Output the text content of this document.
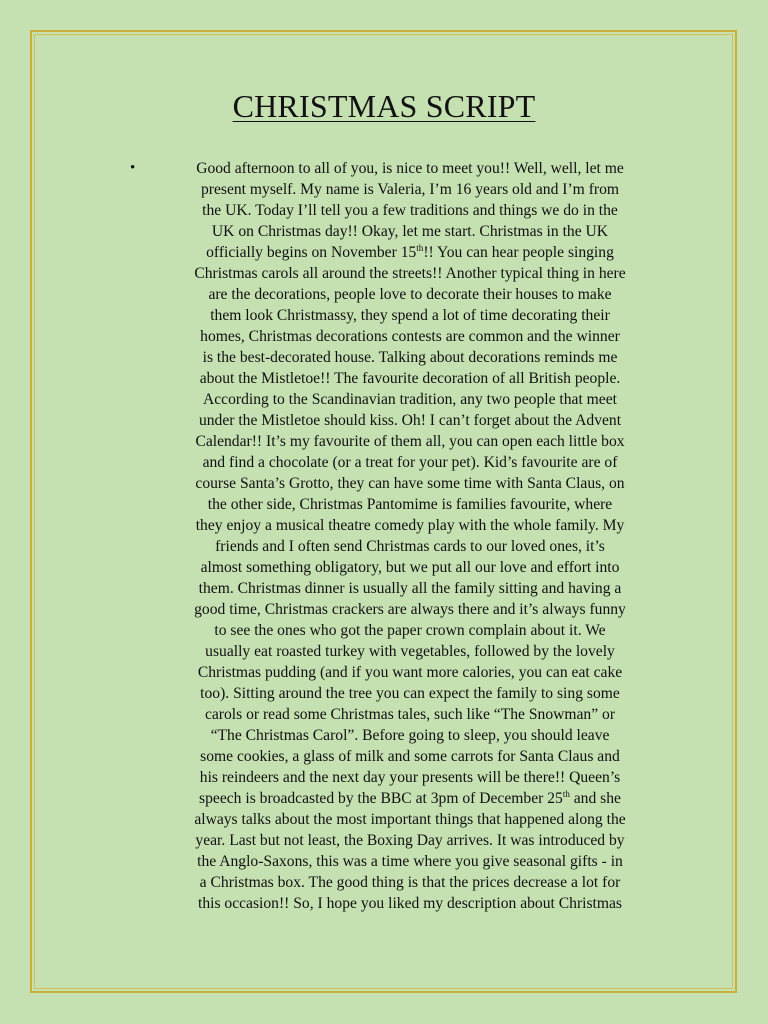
CHRISTMAS SCRIPT
•	Good afternoon to all of you, is nice to meet you!! Well, well, let me
present myself. My name is Valeria, I’m 16 years old and I’m from
the UK. Today I’ll tell you a few traditions and things we do in the
UK on Christmas day!! Okay, let me start. Christmas in the UK
officially begins on November 15th!! You can hear people singing
Christmas carols all around the streets!! Another typical thing in here
are the decorations, people love to decorate their houses to make
them look Christmassy, they spend a lot of time decorating their
homes, Christmas decorations contests are common and the winner
is the best-decorated house. Talking about decorations reminds me
about the Mistletoe!! The favourite decoration of all British people.
According to the Scandinavian tradition, any two people that meet
under the Mistletoe should kiss. Oh! I can’t forget about the Advent
Calendar!! It’s my favourite of them all, you can open each little box
and find a chocolate (or a treat for your pet). Kid’s favourite are of
course Santa’s Grotto, they can have some time with Santa Claus, on
the other side, Christmas Pantomime is families favourite, where
they enjoy a musical theatre comedy play with the whole family. My
friends and I often send Christmas cards to our loved ones, it’s
almost something obligatory, but we put all our love and effort into
them. Christmas dinner is usually all the family sitting and having a
good time, Christmas crackers are always there and it’s always funny
to see the ones who got the paper crown complain about it. We
usually eat roasted turkey with vegetables, followed by the lovely
Christmas pudding (and if you want more calories, you can eat cake
too). Sitting around the tree you can expect the family to sing some
carols or read some Christmas tales, such like “The Snowman” or
“The Christmas Carol”. Before going to sleep, you should leave
some cookies, a glass of milk and some carrots for Santa Claus and
his reindeers and the next day your presents will be there!! Queen’s
speech is broadcasted by the BBC at 3pm of December 25th and she
always talks about the most important things that happened along the
year. Last but not least, the Boxing Day arrives. It was introduced by
the Anglo-Saxons, this was a time where you give seasonal gifts - in
a Christmas box. The good thing is that the prices decrease a lot for
this occasion!! So, I hope you liked my description about Christmas
